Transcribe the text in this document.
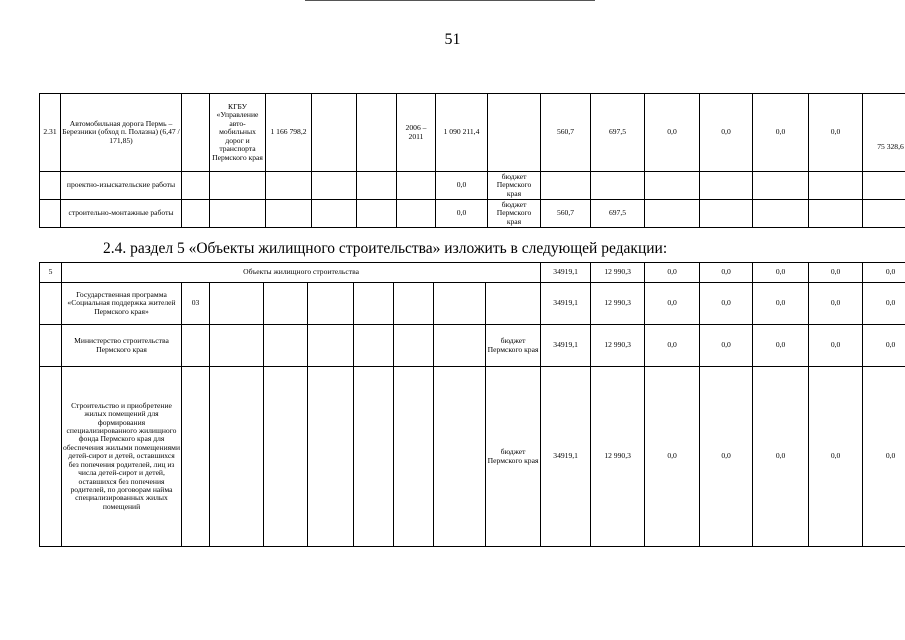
51
2.31	Автомобильная дорога Пермь – Березники (обход п. Полазна) (6,47 / 171,85)		КГБУ «Управление авто-мобильных дорог и транспорта Пермского края	1 166 798,2			2006 – 2011	1 090 211,4		560,7	697,5	0,0	0,0	0,0	0,0	75 328,6
	проектно-изыскательские работы							0,0	бюджет Пермского края							
	строительно-монтажные работы							0,0	бюджет Пермского края	560,7	697,5					
2.4. раздел 5 «Объекты жилищного строительства» изложить в следующей редакции:
5	Объекты жилищного строительства									34919,1	12 990,3	0,0	0,0	0,0	0,0	0,0
	Государственная программа «Социальная поддержка жителей Пермского края»	03								34919,1	12 990,3	0,0	0,0	0,0	0,0	0,0
	Министерство строительства Пермского края								бюджет Пермского края	34919,1	12 990,3	0,0	0,0	0,0	0,0	0,0
	Строительство и приобретение жилых помещений для формирования специализированного жилищного фонда Пермского края для обеспечения жилыми помещениями детей-сирот и детей, оставшихся без попечения родителей, лиц из числа детей-сирот и детей, оставшихся без попечения родителей, по договорам найма специализированных жилых помещений								бюджет Пермского края	34919,1	12 990,3	0,0	0,0	0,0	0,0	0,0
